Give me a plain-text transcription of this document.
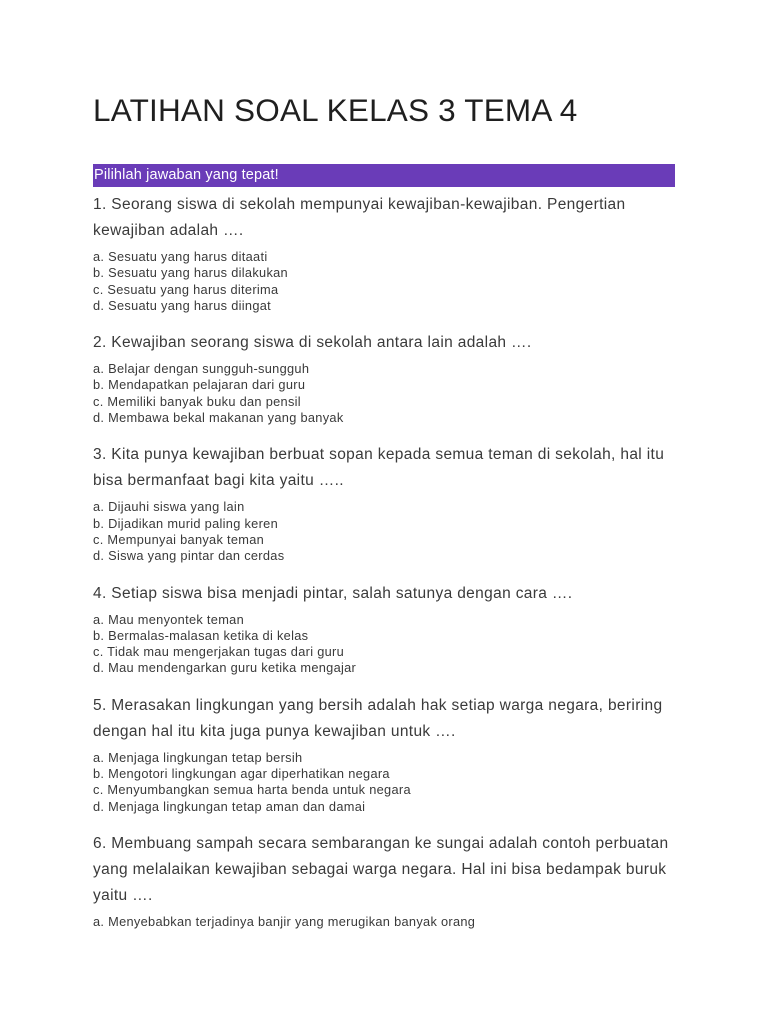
LATIHAN SOAL KELAS 3 TEMA 4
Pilihlah jawaban yang tepat!

1. Seorang siswa di sekolah mempunyai kewajiban-kewajiban. Pengertian kewajiban adalah ….

a. Sesuatu yang harus ditaati
b. Sesuatu yang harus dilakukan
c. Sesuatu yang harus diterima
d. Sesuatu yang harus diingat

2. Kewajiban seorang siswa di sekolah antara lain adalah ….

a. Belajar dengan sungguh-sungguh
b. Mendapatkan pelajaran dari guru
c. Memiliki banyak buku dan pensil
d. Membawa bekal makanan yang banyak

3. Kita punya kewajiban berbuat sopan kepada semua teman di sekolah, hal itu bisa bermanfaat bagi kita yaitu …..

a. Dijauhi siswa yang lain
b. Dijadikan murid paling keren
c. Mempunyai banyak teman
d. Siswa yang pintar dan cerdas

4. Setiap siswa bisa menjadi pintar, salah satunya dengan cara ….

a. Mau menyontek teman
b. Bermalas-malasan ketika di kelas
c. Tidak mau mengerjakan tugas dari guru
d. Mau mendengarkan guru ketika mengajar

5. Merasakan lingkungan yang bersih adalah hak setiap warga negara, beriring dengan hal itu kita juga punya kewajiban untuk ….

a. Menjaga lingkungan tetap bersih
b. Mengotori lingkungan agar diperhatikan negara
c. Menyumbangkan semua harta benda untuk negara
d. Menjaga lingkungan tetap aman dan damai

6. Membuang sampah secara sembarangan ke sungai adalah contoh perbuatan yang melalaikan kewajiban sebagai warga negara. Hal ini bisa bedampak buruk yaitu ….

a. Menyebabkan terjadinya banjir yang merugikan banyak orang
